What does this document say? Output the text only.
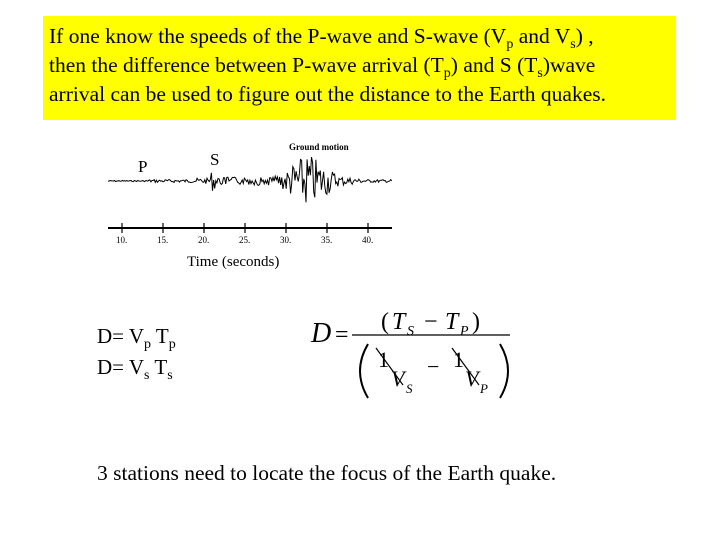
If one know the speeds of the P-wave and S-wave ($V_p$ and $V_s$) ,
then the difference between P-wave arrival $(T_p)$ and S $(T_s)wave$
arrival can be used to figure out the distance to the Earth quakes.
P	S
Ground motion
10.	15.	20.	25.	30.	35.	40.
Time (seconds)
$D= V_p$ $T_p$
$D= V_s$ $T_s$
D = ( T S − T P )
1
V S
− 1
V P
3 stations need to locate the focus of the Earth quake.
